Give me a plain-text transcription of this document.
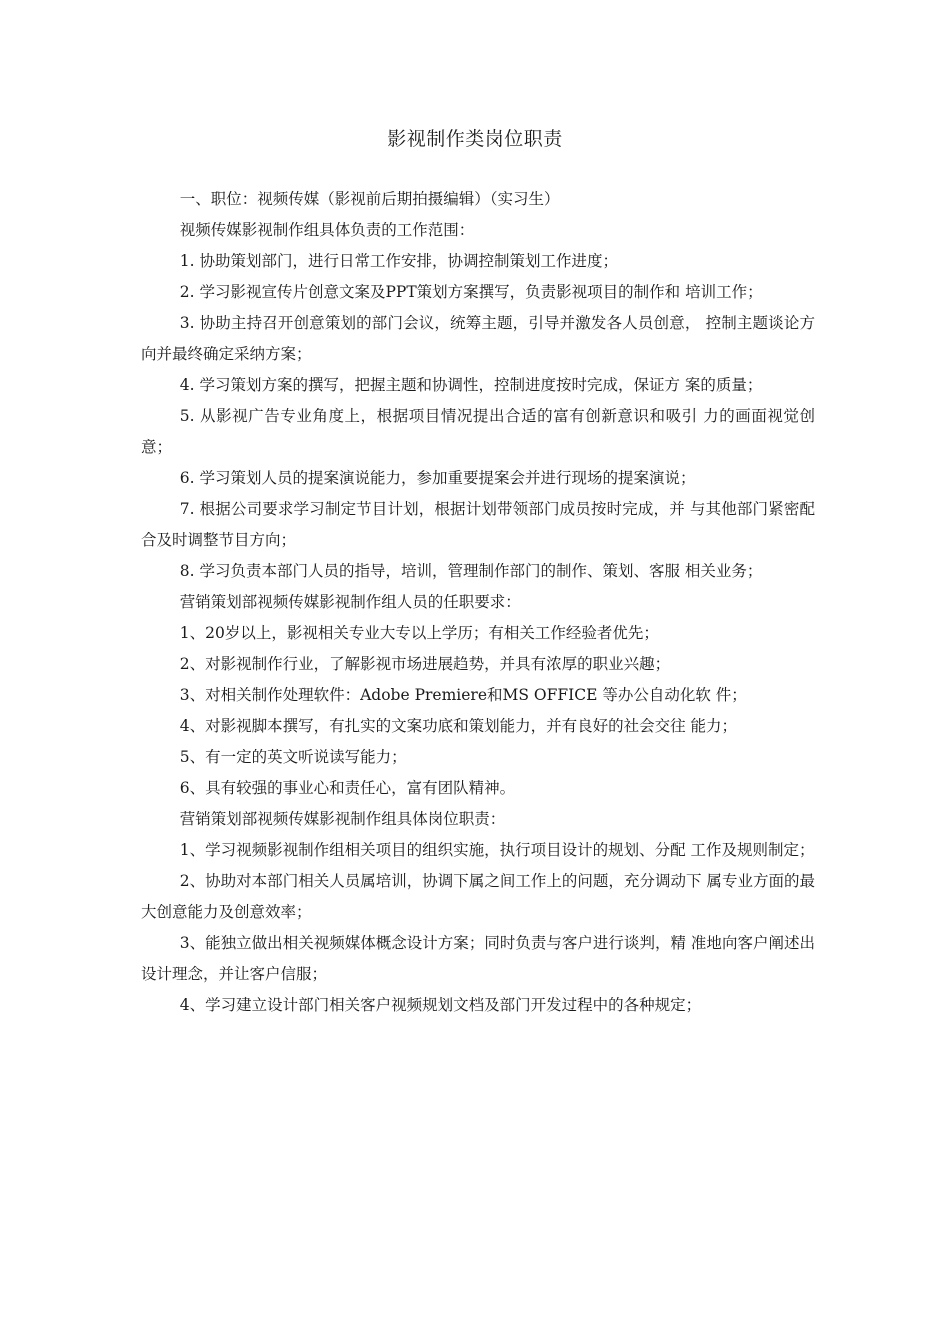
影视制作类岗位职责

一、职位：视频传媒（影视前后期拍摄编辑）（实习生）

视频传媒影视制作组具体负责的工作范围：

1. 协助策划部门，进行日常工作安排，协调控制策划工作进度；

2. 学习影视宣传片创意文案及PPT策划方案撰写，负责影视项目的制作和 培训工作；

3. 协助主持召开创意策划的部门会议，统筹主题，引导并激发各人员创意， 控制主题谈论方向并最终确定采纳方案；

4. 学习策划方案的撰写，把握主题和协调性，控制进度按时完成，保证方 案的质量；

5. 从影视广告专业角度上，根据项目情况提出合适的富有创新意识和吸引 力的画面视觉创意；

6. 学习策划人员的提案演说能力，参加重要提案会并进行现场的提案演说；

7. 根据公司要求学习制定节目计划，根据计划带领部门成员按时完成，并 与其他部门紧密配合及时调整节目方向；

8. 学习负责本部门人员的指导，培训，管理制作部门的制作、策划、客服 相关业务；

营销策划部视频传媒影视制作组人员的任职要求：

1、20岁以上，影视相关专业大专以上学历；有相关工作经验者优先；

2、对影视制作行业，了解影视市场进展趋势，并具有浓厚的职业兴趣；

3、对相关制作处理软件：Adobe Premiere和MS OFFICE 等办公自动化软 件；

4、对影视脚本撰写，有扎实的文案功底和策划能力，并有良好的社会交往 能力；

5、有一定的英文听说读写能力；

6、具有较强的事业心和责任心，富有团队精神。

营销策划部视频传媒影视制作组具体岗位职责：

1、学习视频影视制作组相关项目的组织实施，执行项目设计的规划、分配 工作及规则制定；

2、协助对本部门相关人员属培训，协调下属之间工作上的问题，充分调动下 属专业方面的最大创意能力及创意效率；

3、能独立做出相关视频媒体概念设计方案；同时负责与客户进行谈判，精 准地向客户阐述出设计理念，并让客户信服；

4、学习建立设计部门相关客户视频规划文档及部门开发过程中的各种规定；
